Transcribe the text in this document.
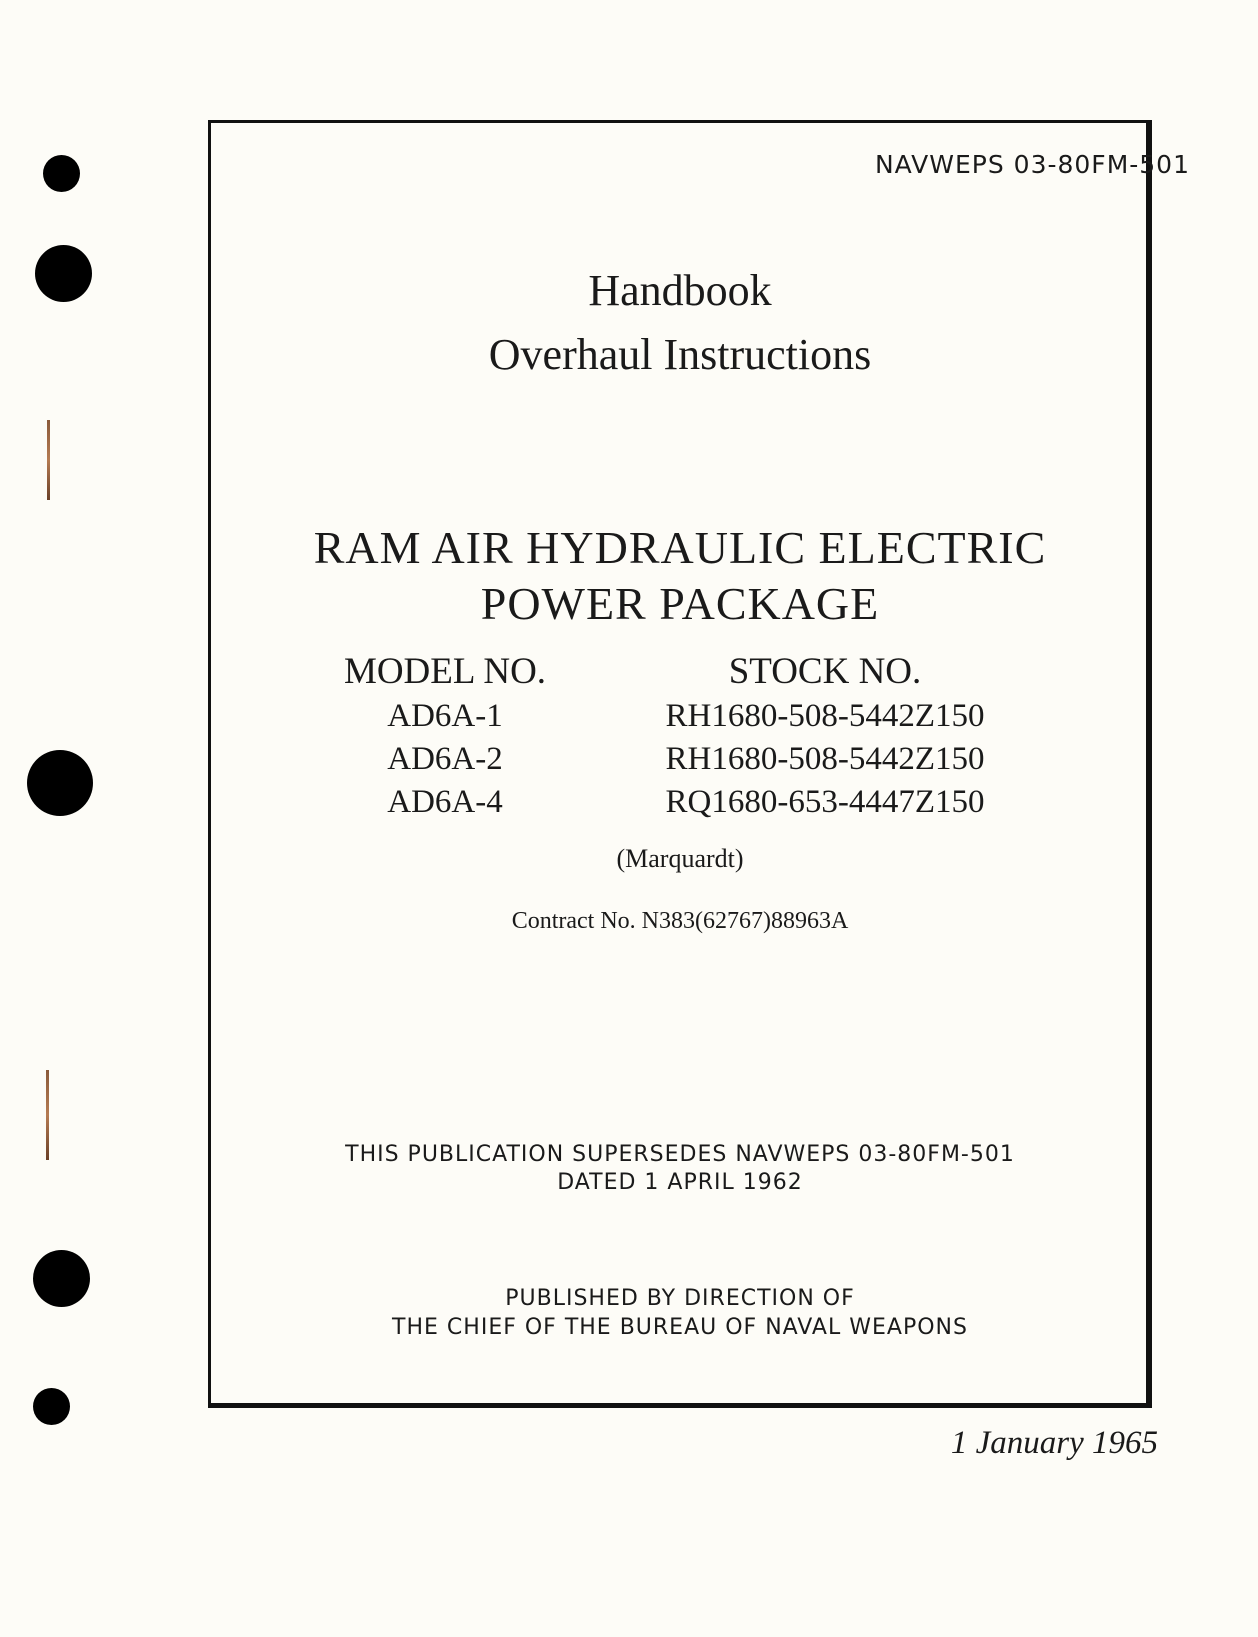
NAVWEPS 03-80FM-501
Handbook
Overhaul Instructions
RAM AIR HYDRAULIC ELECTRIC
POWER PACKAGE
MODEL NO.
AD6A-1
AD6A-2
AD6A-4
STOCK NO.
RH1680-508-5442Z150
RH1680-508-5442Z150
RQ1680-653-4447Z150
(Marquardt)
Contract No. N383(62767)88963A
THIS PUBLICATION SUPERSEDES NAVWEPS 03-80FM-501
DATED 1 APRIL 1962
PUBLISHED BY DIRECTION OF
THE CHIEF OF THE BUREAU OF NAVAL WEAPONS
1 January 1965
